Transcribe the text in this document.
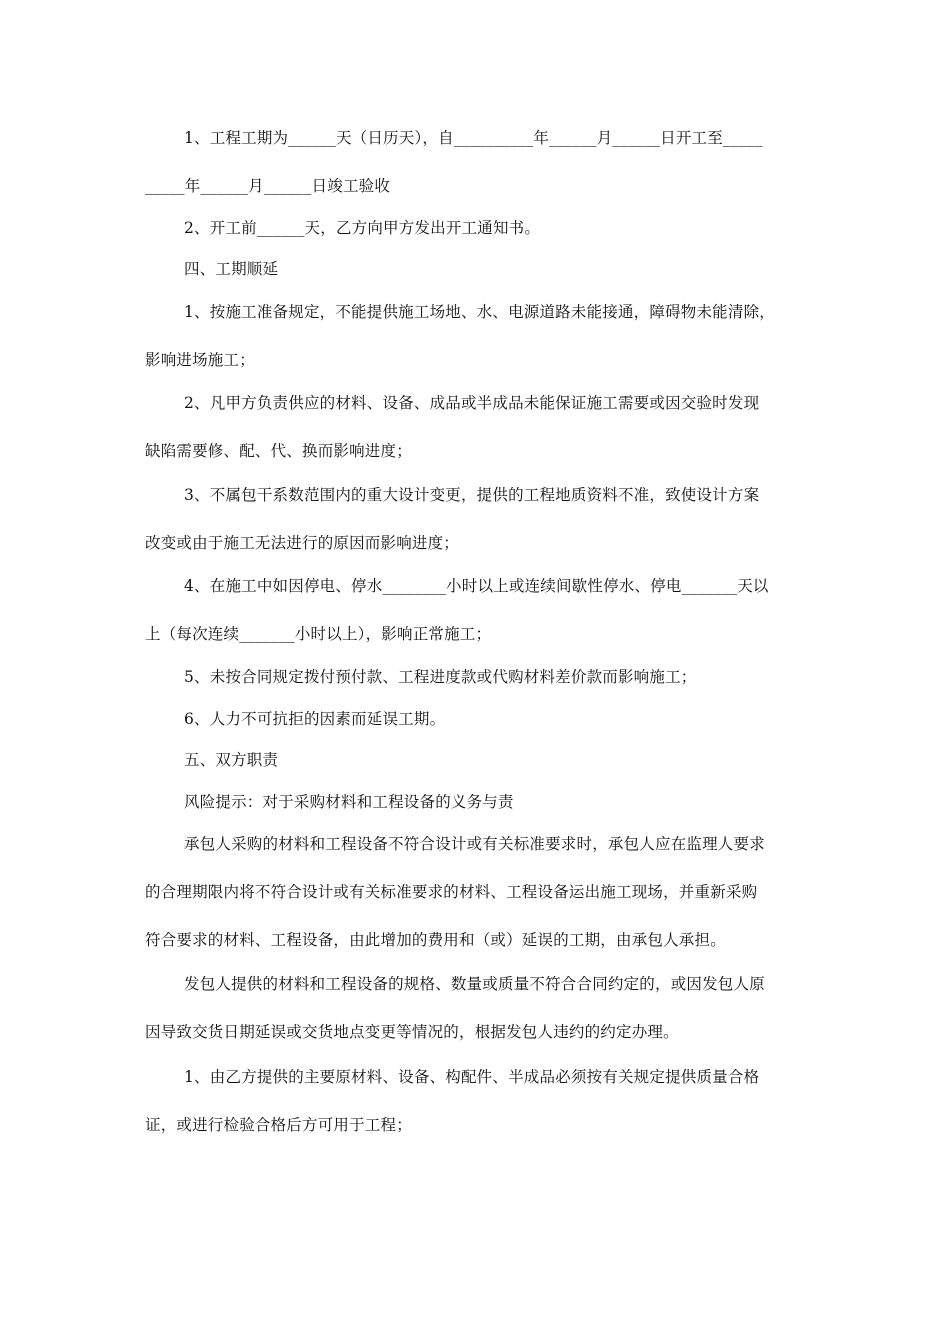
1、工程工期为______天（日历天），自__________年______月______日开工至_____
_____年______月______日竣工验收
2、开工前______天，乙方向甲方发出开工通知书。
四、工期顺延
1、按施工准备规定，不能提供施工场地、水、电源道路未能接通，障碍物未能清除，
影响进场施工；
2、凡甲方负责供应的材料、设备、成品或半成品未能保证施工需要或因交验时发现
缺陷需要修、配、代、换而影响进度；
3、不属包干系数范围内的重大设计变更，提供的工程地质资料不准，致使设计方案
改变或由于施工无法进行的原因而影响进度；
4、在施工中如因停电、停水________小时以上或连续间歇性停水、停电_______天以
上（每次连续_______小时以上），影响正常施工；
5、未按合同规定拨付预付款、工程进度款或代购材料差价款而影响施工；
6、人力不可抗拒的因素而延误工期。
五、双方职责
风险提示：对于采购材料和工程设备的义务与责
承包人采购的材料和工程设备不符合设计或有关标准要求时，承包人应在监理人要求
的合理期限内将不符合设计或有关标准要求的材料、工程设备运出施工现场，并重新采购
符合要求的材料、工程设备，由此增加的费用和（或）延误的工期，由承包人承担。
发包人提供的材料和工程设备的规格、数量或质量不符合合同约定的，或因发包人原
因导致交货日期延误或交货地点变更等情况的，根据发包人违约的约定办理。
1、由乙方提供的主要原材料、设备、构配件、半成品必须按有关规定提供质量合格
证，或进行检验合格后方可用于工程；
